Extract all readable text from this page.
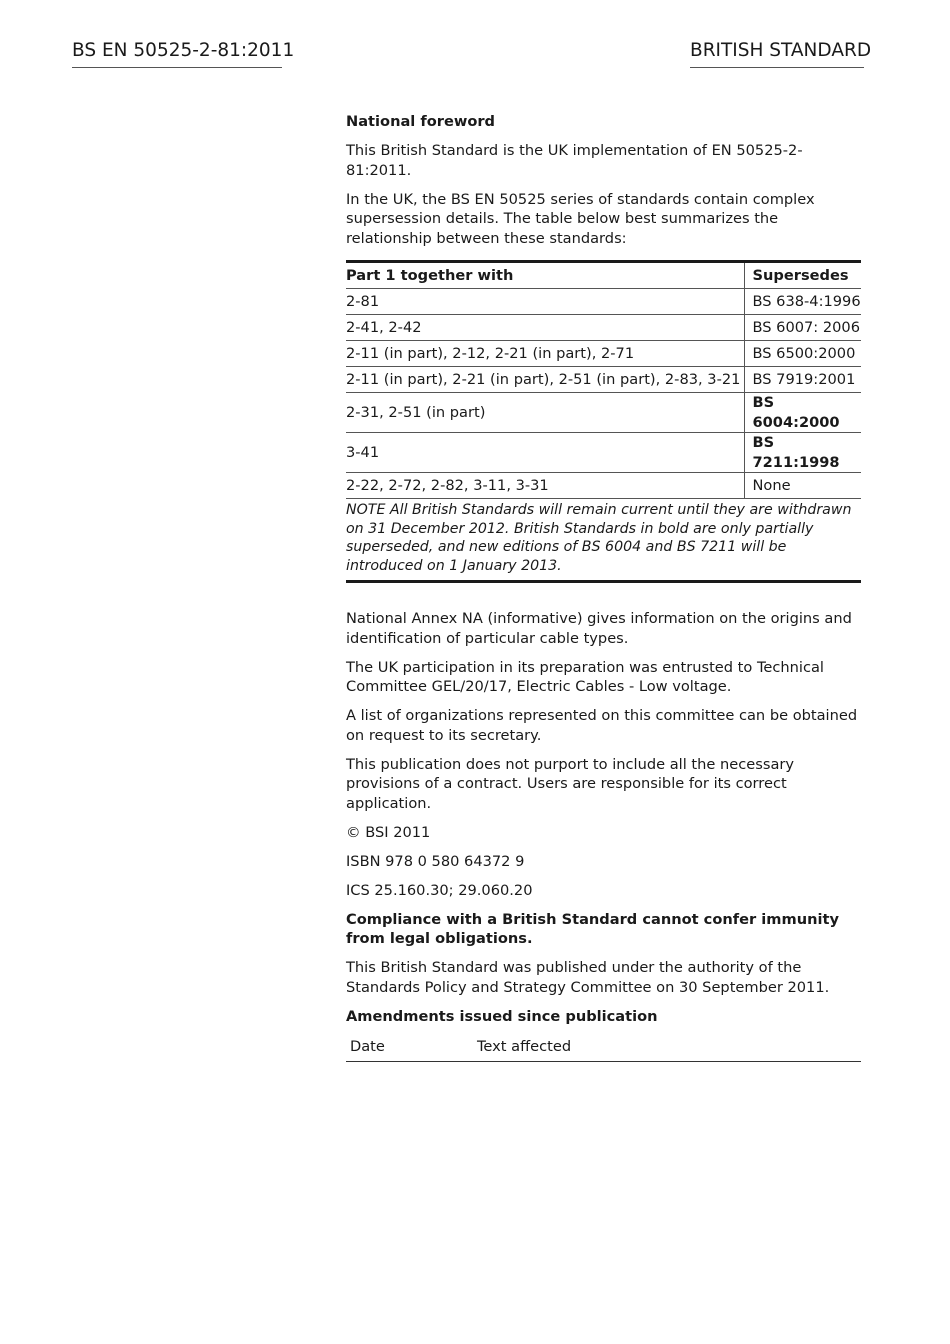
BS EN 50525-2-81:2011	BRITISH STANDARD

National foreword

This British Standard is the UK implementation of EN 50525-2-81:2011.

In the UK, the BS EN 50525 series of standards contain complex supersession details. The table below best summarizes the relationship between these standards:

Part 1 together with	Supersedes
2-81	BS 638-4:1996
2-41, 2-42	BS 6007: 2006
2-11 (in part), 2-12, 2-21 (in part), 2-71	BS 6500:2000
2-11 (in part), 2-21 (in part), 2-51 (in part), 2-83, 3-21	BS 7919:2001
2-31, 2-51 (in part)	BS 6004:2000
3-41	BS 7211:1998
2-22, 2-72, 2-82, 3-11, 3-31	None
NOTE All British Standards will remain current until they are withdrawn on 31 December 2012. British Standards in bold are only partially superseded, and new editions of BS 6004 and BS 7211 will be introduced on 1 January 2013.

National Annex NA (informative) gives information on the origins and identification of particular cable types.

The UK participation in its preparation was entrusted to Technical Committee GEL/20/17, Electric Cables - Low voltage.

A list of organizations represented on this committee can be obtained on request to its secretary.

This publication does not purport to include all the necessary provisions of a contract. Users are responsible for its correct application.

© BSI 2011

ISBN 978 0 580 64372 9

ICS 25.160.30; 29.060.20

Compliance with a British Standard cannot confer immunity from legal obligations.

This British Standard was published under the authority of the Standards Policy and Strategy Committee on 30 September 2011.

Amendments issued since publication

Date	Text affected
